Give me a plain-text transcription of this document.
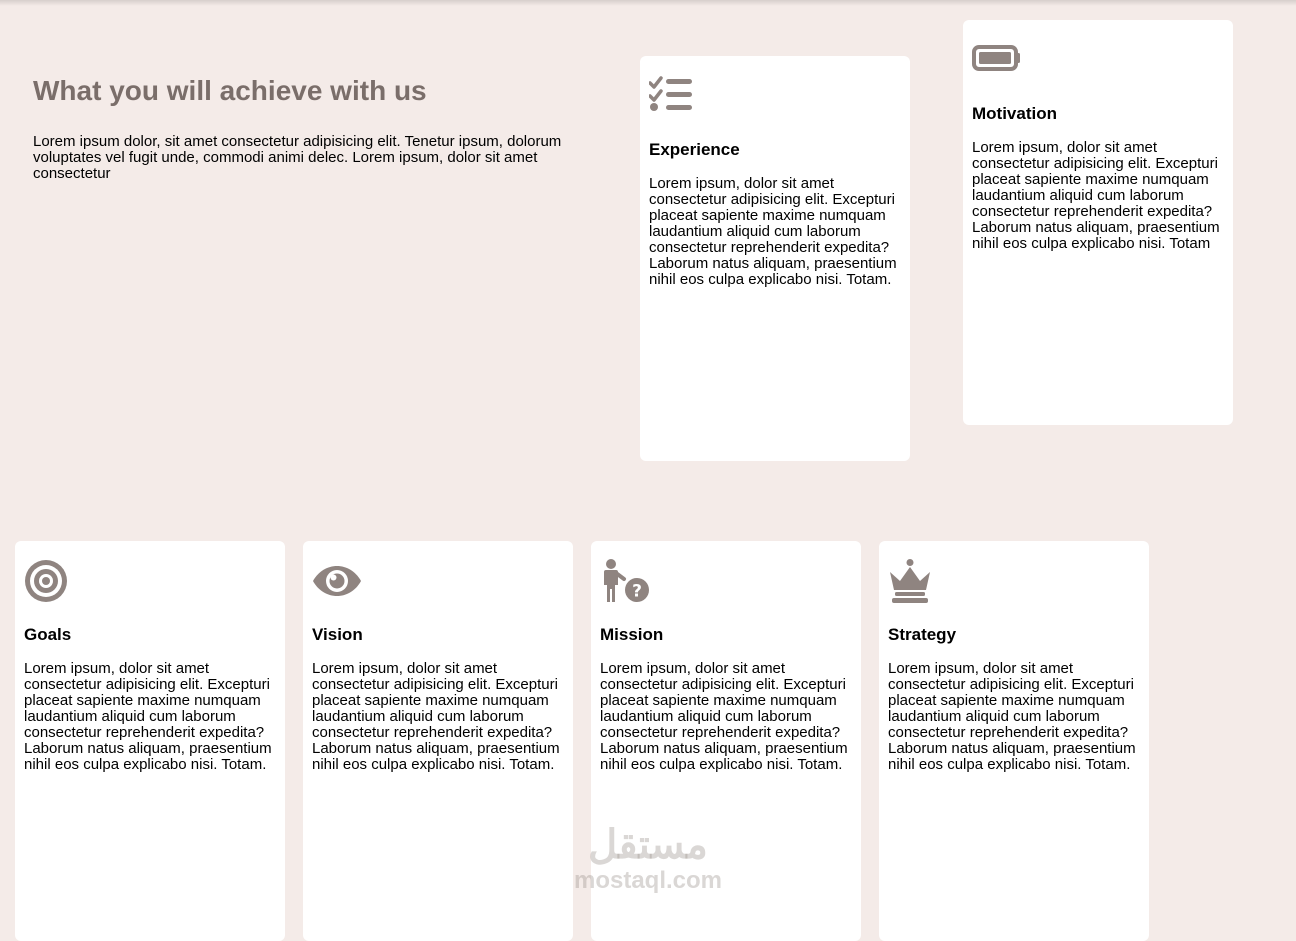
What you will achieve with us

Lorem ipsum dolor, sit amet consectetur adipisicing elit. Tenetur ipsum, dolorum voluptates vel fugit unde, commodi animi delec. Lorem ipsum, dolor sit amet consectetur

Experience

Lorem ipsum, dolor sit amet consectetur adipisicing elit. Excepturi placeat sapiente maxime numquam laudantium aliquid cum laborum consectetur reprehenderit expedita? Laborum natus aliquam, praesentium nihil eos culpa explicabo nisi. Totam.

Motivation

Lorem ipsum, dolor sit amet consectetur adipisicing elit. Excepturi placeat sapiente maxime numquam laudantium aliquid cum laborum consectetur reprehenderit expedita? Laborum natus aliquam, praesentium nihil eos culpa explicabo nisi. Totam

Goals

Lorem ipsum, dolor sit amet consectetur adipisicing elit. Excepturi placeat sapiente maxime numquam laudantium aliquid cum laborum consectetur reprehenderit expedita? Laborum natus aliquam, praesentium nihil eos culpa explicabo nisi. Totam.

Vision

Lorem ipsum, dolor sit amet consectetur adipisicing elit. Excepturi placeat sapiente maxime numquam laudantium aliquid cum laborum consectetur reprehenderit expedita? Laborum natus aliquam, praesentium nihil eos culpa explicabo nisi. Totam.

?
Mission

Lorem ipsum, dolor sit amet consectetur adipisicing elit. Excepturi placeat sapiente maxime numquam laudantium aliquid cum laborum consectetur reprehenderit expedita? Laborum natus aliquam, praesentium nihil eos culpa explicabo nisi. Totam.

Strategy

Lorem ipsum, dolor sit amet consectetur adipisicing elit. Excepturi placeat sapiente maxime numquam laudantium aliquid cum laborum consectetur reprehenderit expedita? Laborum natus aliquam, praesentium nihil eos culpa explicabo nisi. Totam.

مستقل
mostaql.com
